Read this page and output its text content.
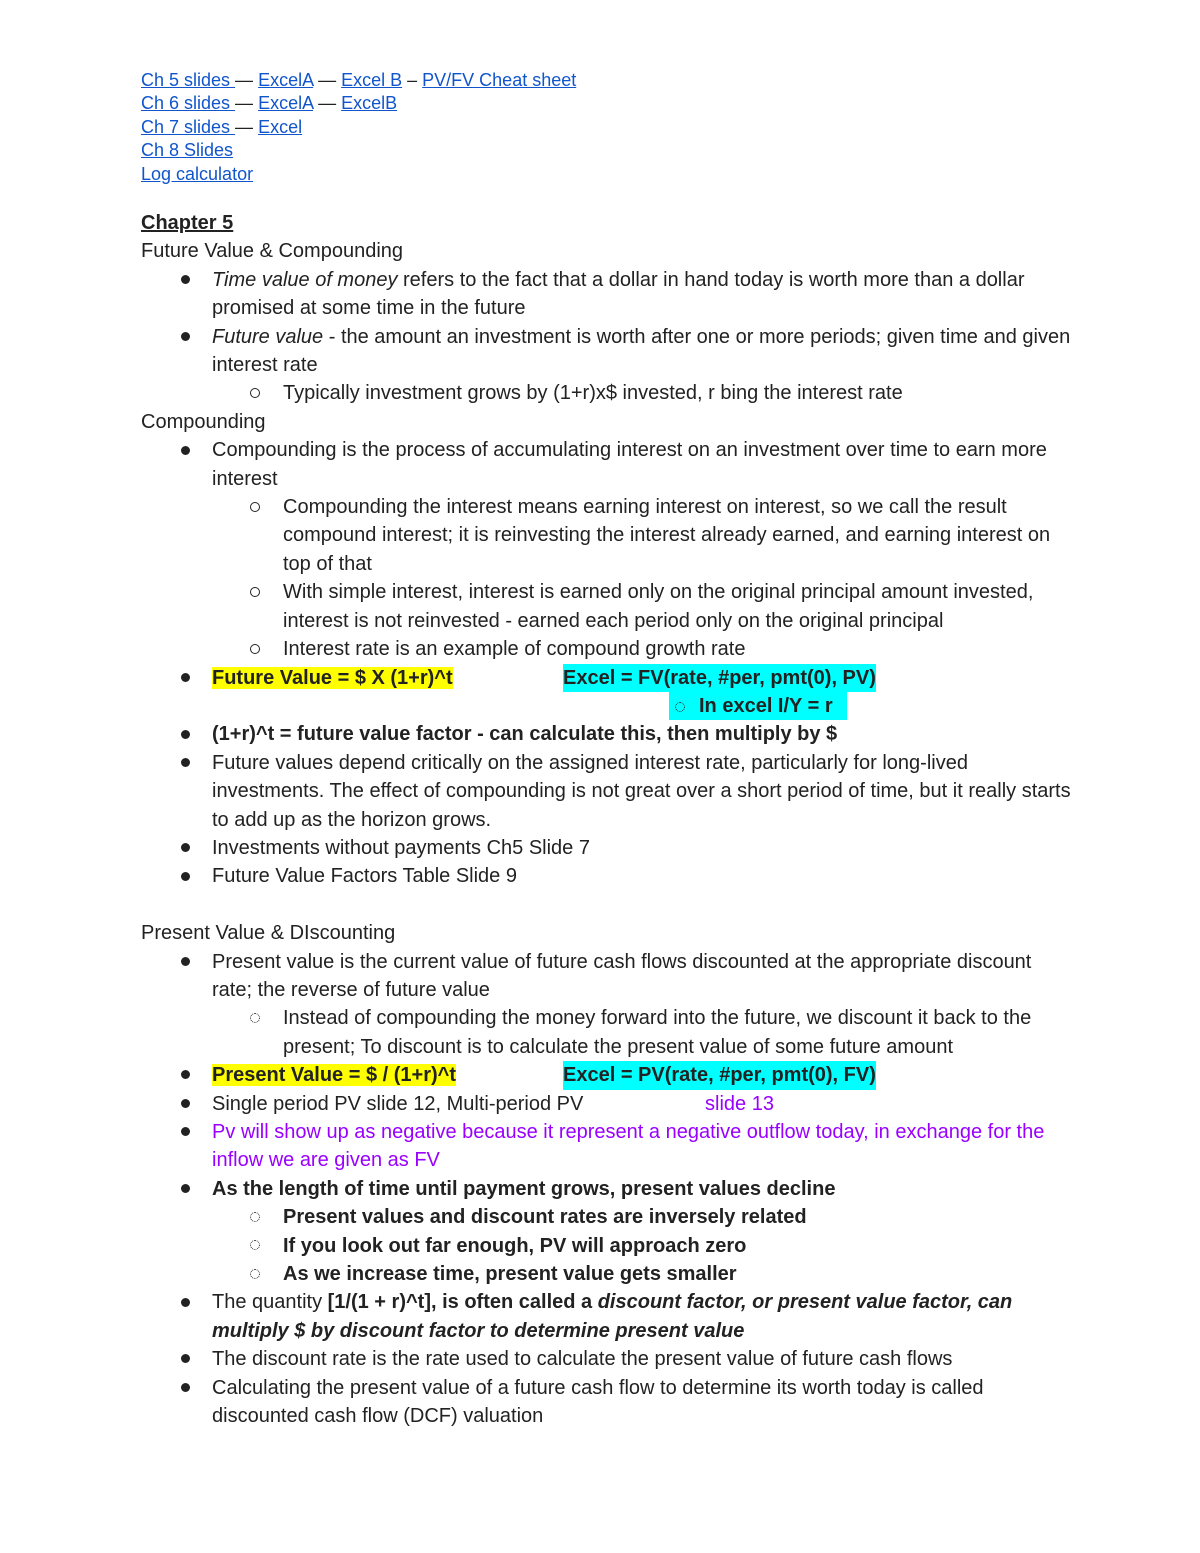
Ch 5 slides — ExcelA — Excel B – PV/FV Cheat sheet
Ch 6 slides — ExcelA — ExcelB
Ch 7 slides — Excel
Ch 8 Slides
Log calculator
Chapter 5
Future Value & Compounding
Time value of money refers to the fact that a dollar in hand today is worth more than a dollar promised at some time in the future
Future value - the amount an investment is worth after one or more periods; given time and given interest rate
Typically investment grows by (1+r)x$ invested, r bing the interest rate
Compounding
Compounding is the process of accumulating interest on an investment over time to earn more interest
Compounding the interest means earning interest on interest, so we call the result compound interest; it is reinvesting the interest already earned, and earning interest on top of that
With simple interest, interest is earned only on the original principal amount invested, interest is not reinvested - earned each period only on the original principal
Interest rate is an example of compound growth rate
Future Value = $ X (1+r)^t	Excel = FV(rate, #per, pmt(0), PV)
In excel I/Y = r
(1+r)^t = future value factor - can calculate this, then multiply by $
Future values depend critically on the assigned interest rate, particularly for long-lived investments. The effect of compounding is not great over a short period of time, but it really starts to add up as the horizon grows.
Investments without payments Ch5 Slide 7
Future Value Factors Table Slide 9
Present Value & DIscounting
Present value is the current value of future cash flows discounted at the appropriate discount rate; the reverse of future value
Instead of compounding the money forward into the future, we discount it back to the present; To discount is to calculate the present value of some future amount
Present Value = $ / (1+r)^t	Excel = PV(rate, #per, pmt(0), FV)
Single period PV slide 12, Multi-period PV	slide 13
Pv will show up as negative because it represent a negative outflow today, in exchange for the inflow we are given as FV
As the length of time until payment grows, present values decline
Present values and discount rates are inversely related
If you look out far enough, PV will approach zero
As we increase time, present value gets smaller
The quantity [1/(1 + r)^t], is often called a discount factor, or present value factor, can multiply $ by discount factor to determine present value
The discount rate is the rate used to calculate the present value of future cash flows
Calculating the present value of a future cash flow to determine its worth today is called discounted cash flow (DCF) valuation
